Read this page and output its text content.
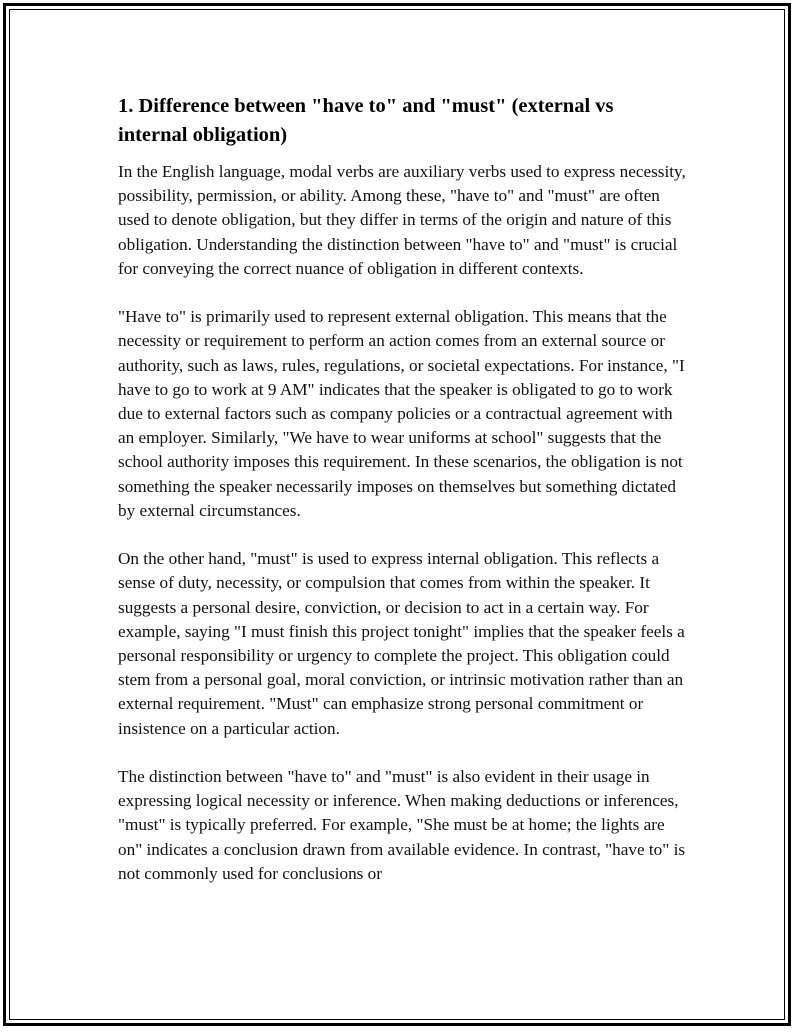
1. Difference between "have to" and "must" (external vs internal obligation)

In the English language, modal verbs are auxiliary verbs used to express necessity, possibility, permission, or ability. Among these, "have to" and "must" are often used to denote obligation, but they differ in terms of the origin and nature of this obligation. Understanding the distinction between "have to" and "must" is crucial for conveying the correct nuance of obligation in different contexts.

"Have to" is primarily used to represent external obligation. This means that the necessity or requirement to perform an action comes from an external source or authority, such as laws, rules, regulations, or societal expectations. For instance, "I have to go to work at 9 AM" indicates that the speaker is obligated to go to work due to external factors such as company policies or a contractual agreement with an employer. Similarly, "We have to wear uniforms at school" suggests that the school authority imposes this requirement. In these scenarios, the obligation is not something the speaker necessarily imposes on themselves but something dictated by external circumstances.

On the other hand, "must" is used to express internal obligation. This reflects a sense of duty, necessity, or compulsion that comes from within the speaker. It suggests a personal desire, conviction, or decision to act in a certain way. For example, saying "I must finish this project tonight" implies that the speaker feels a personal responsibility or urgency to complete the project. This obligation could stem from a personal goal, moral conviction, or intrinsic motivation rather than an external requirement. "Must" can emphasize strong personal commitment or insistence on a particular action.

The distinction between "have to" and "must" is also evident in their usage in expressing logical necessity or inference. When making deductions or inferences, "must" is typically preferred. For example, "She must be at home; the lights are on" indicates a conclusion drawn from available evidence. In contrast, "have to" is not commonly used for conclusions or
